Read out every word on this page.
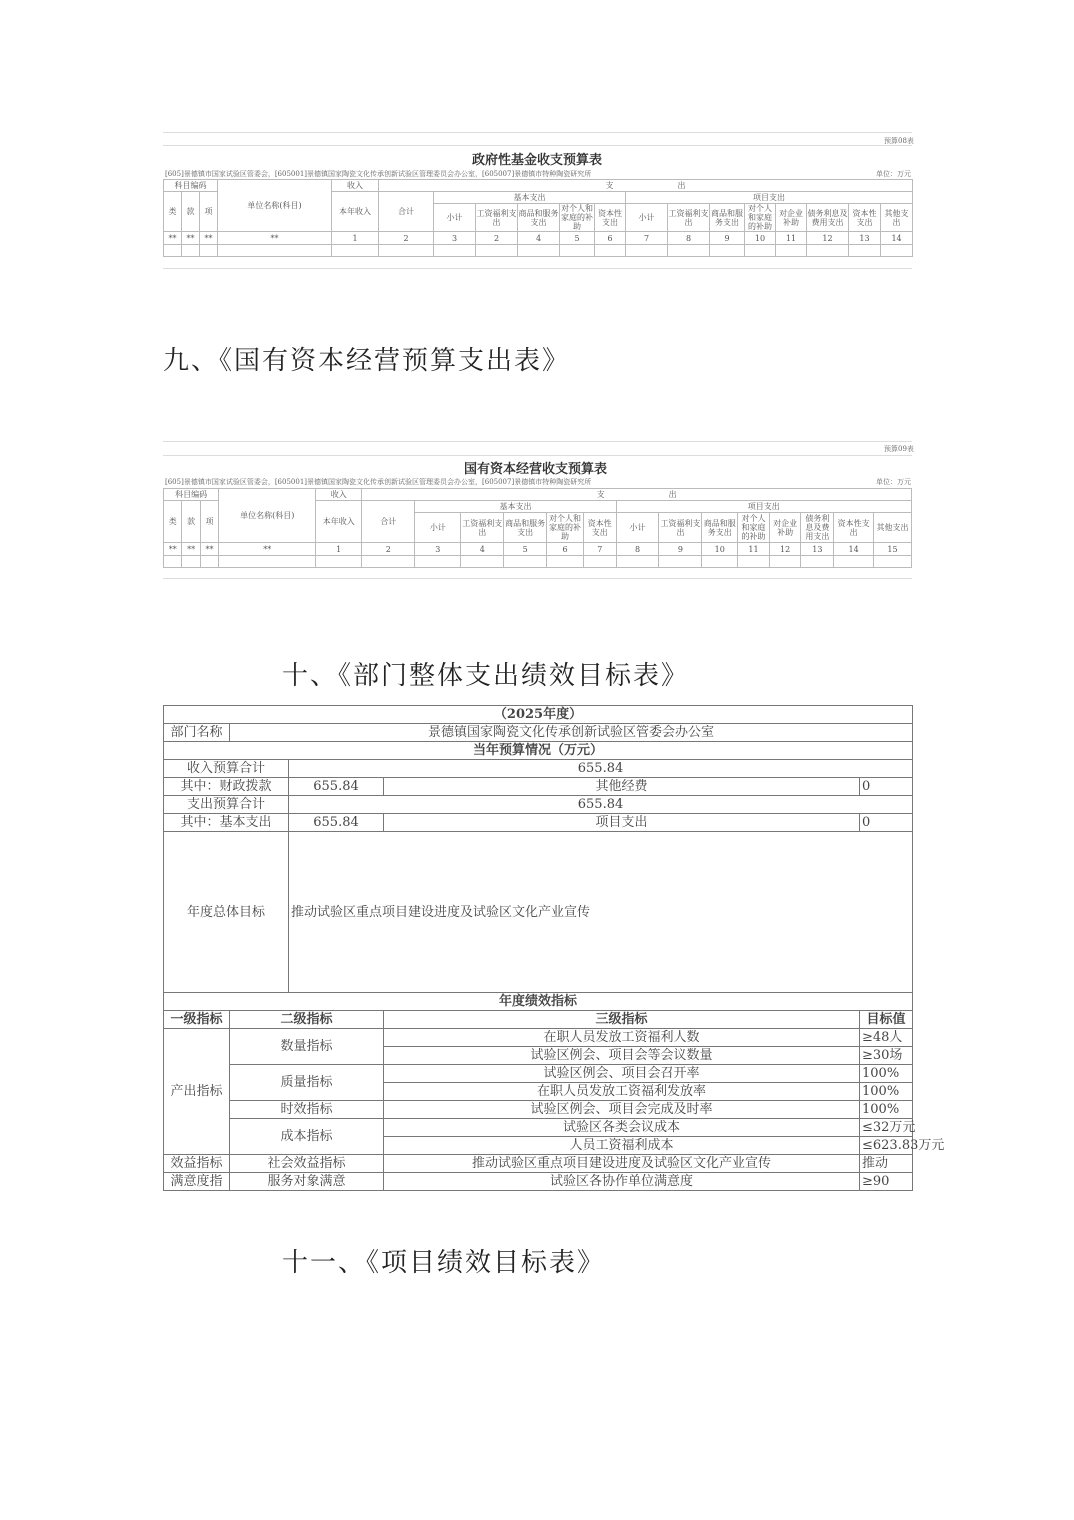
预算08表
政府性基金收支预算表
[605]景德镇市国家试验区管委会，[605001]景德镇国家陶瓷文化传承创新试验区管理委员会办公室，[605007]景德镇市特种陶瓷研究所	单位：万元
科目编码			单位名称(科目)	收入	支　　　　　　　　出													
类	款	项		本年收入	合计	基本支出					项目支出							
						小计	工资福利支出	商品和服务支出	对个人和家庭的补助	资本性支出	小计	工资福利支出	商品和服务支出	对个人和家庭的补助	对企业补助	债务利息及费用支出	资本性支出	其他支出
**	**	**	**	1	2	3	2	4	5	6	7	8	9	10	11	12	13	14

九、《国有资本经营预算支出表》
预算09表
国有资本经营收支预算表
[605]景德镇市国家试验区管委会，[605001]景德镇国家陶瓷文化传承创新试验区管理委员会办公室，[605007]景德镇市特种陶瓷研究所	单位：万元
科目编码			单位名称(科目)	收入	支　　　　　　　　出													
类	款	项		本年收入	合计	基本支出					项目支出							
						小计	工资福利支出	商品和服务支出	对个人和家庭的补助	资本性支出	小计	工资福利支出	商品和服务支出	对个人和家庭的补助	对企业补助	债务利息及费用支出	资本性支出	其他支出
**	**	**	**	1	2	3	4	5	6	7	8	9	10	11	12	13	14	15

十、《部门整体支出绩效目标表》
（2025年度）				
部门名称	景德镇国家陶瓷文化传承创新试验区管委会办公室			
当年预算情况（万元）				
收入预算合计		655.84		
其中：财政拨款		655.84	其他经费	0
支出预算合计		655.84		
其中：基本支出		655.84	项目支出	0
年度总体目标		推动试验区重点项目建设进度及试验区文化产业宣传		
年度绩效指标				
一级指标	二级指标		三级指标	目标值
产出指标	数量指标		在职人员发放工资福利人数	≥48人
			试验区例会、项目会等会议数量	≥30场
	质量指标		试验区例会、项目会召开率	100%
			在职人员发放工资福利发放率	100%
	时效指标		试验区例会、项目会完成及时率	100%
	成本指标		试验区各类会议成本	≤32万元
			人员工资福利成本	≤623.83万元
效益指标	社会效益指标		推动试验区重点项目建设进度及试验区文化产业宣传	推动
满意度指	服务对象满意		试验区各协作单位满意度	≥90
十一、《项目绩效目标表》
